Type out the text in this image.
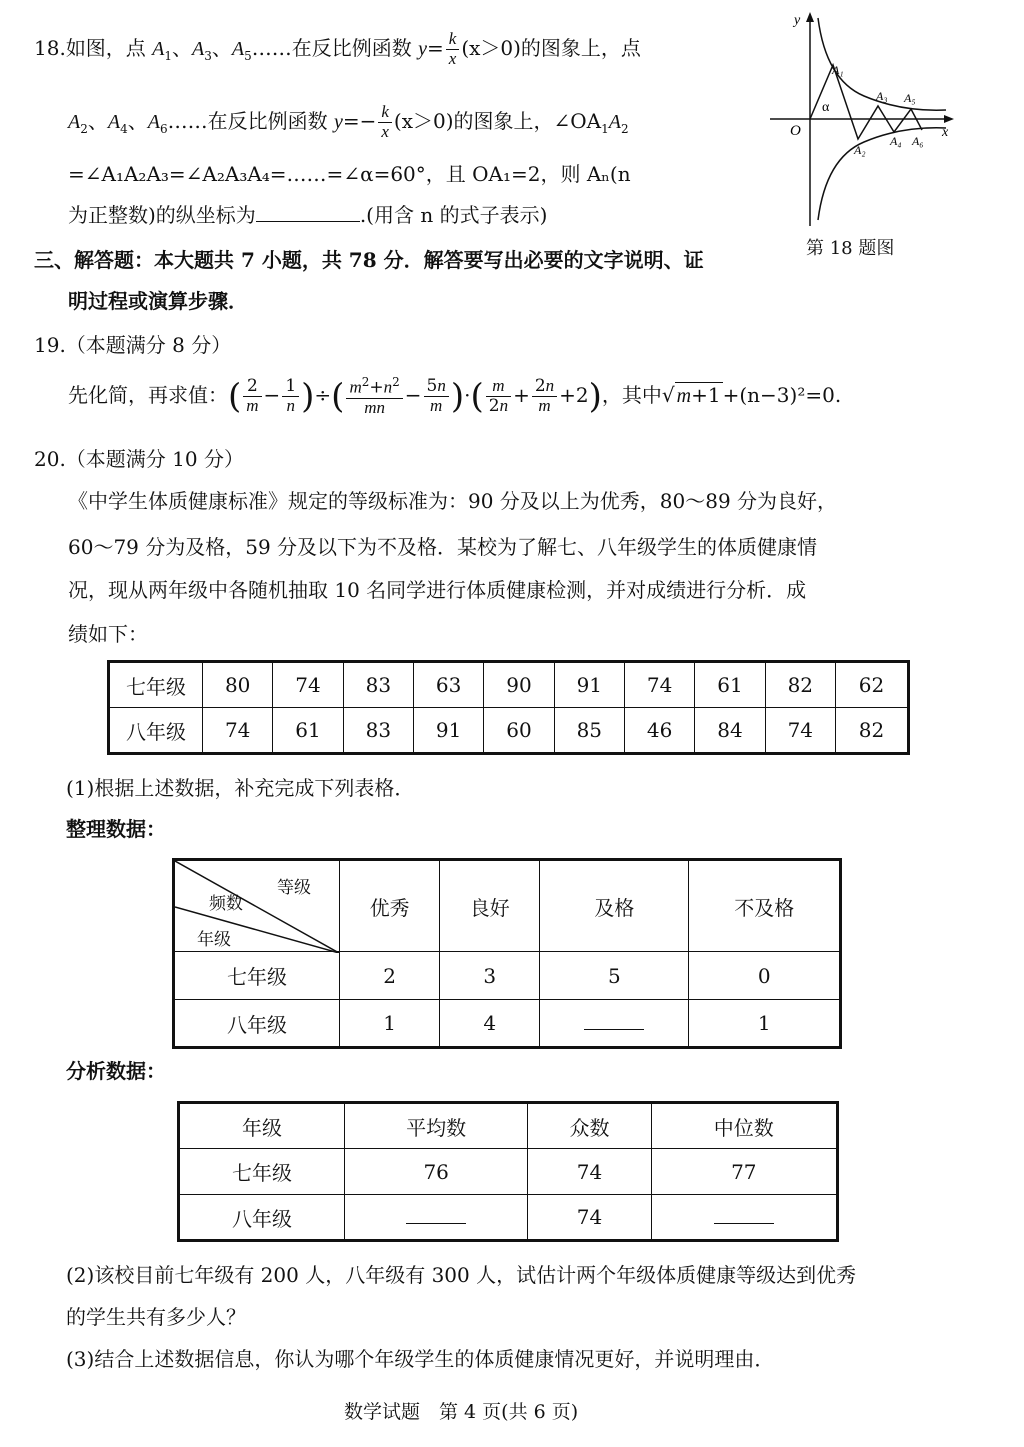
18.如图，点 $A_1$、$A_3$、$A_5\dots\dots$在反比例函数 $y= \frac{k}{x} (x>0)$的图象上，点
$A_2$、$A_4$、$A_6\dots\dots$在反比例函数 $y=- \frac{k}{x} (x>0)$的图象上，$\angle OA_1A_2$
=∠A₁A₂A₃=∠A₂A₃A₄=……=∠α=60°，且 OA₁=2，则 Aₙ(n
为正整数)的纵坐标为	.(用含 n 的式子表示)
y
x
O
α
A₁
A₂
A₃
A₄
A₅
A₆
第 18 题图
三、解答题：本大题共 7 小题，共 78 分．解答要写出必要的文字说明、证
明过程或演算步骤．
19.（本题满分 8 分）
先化简，再求值：( $\frac{2}{m} - \frac{1}{n}$ )÷( $\frac{m^2+n^2}{mn} - \frac{5n}{m}$ )·( $\frac{m}{2n} + \frac{2n}{m} +2$)，其中√ m+1 +(n−3)²=0.
20.（本题满分 10 分）
《中学生体质健康标准》规定的等级标准为：90 分及以上为优秀，80～89 分为良好，
60～79 分为及格，59 分及以下为不及格．某校为了解七、八年级学生的体质健康情
况，现从两年级中各随机抽取 10 名同学进行体质健康检测，并对成绩进行分析．成
绩如下：
七年级	80	74	83	63	90	91	74	61	82	62
八年级	74	61	83	91	60	85	46	84	74	82
(1)根据上述数据，补充完成下列表格．
整理数据：
等级
频数
年级	优秀	良好	及格	不及格
七年级	2	3	5	0
八年级	1	4		1
分析数据：
年级	平均数	众数	中位数
七年级	76	74	77
八年级		74	
(2)该校目前七年级有 200 人，八年级有 300 人，试估计两个年级体质健康等级达到优秀
的学生共有多少人？
(3)结合上述数据信息，你认为哪个年级学生的体质健康情况更好，并说明理由．
数学试题　第 4 页(共 6 页)
